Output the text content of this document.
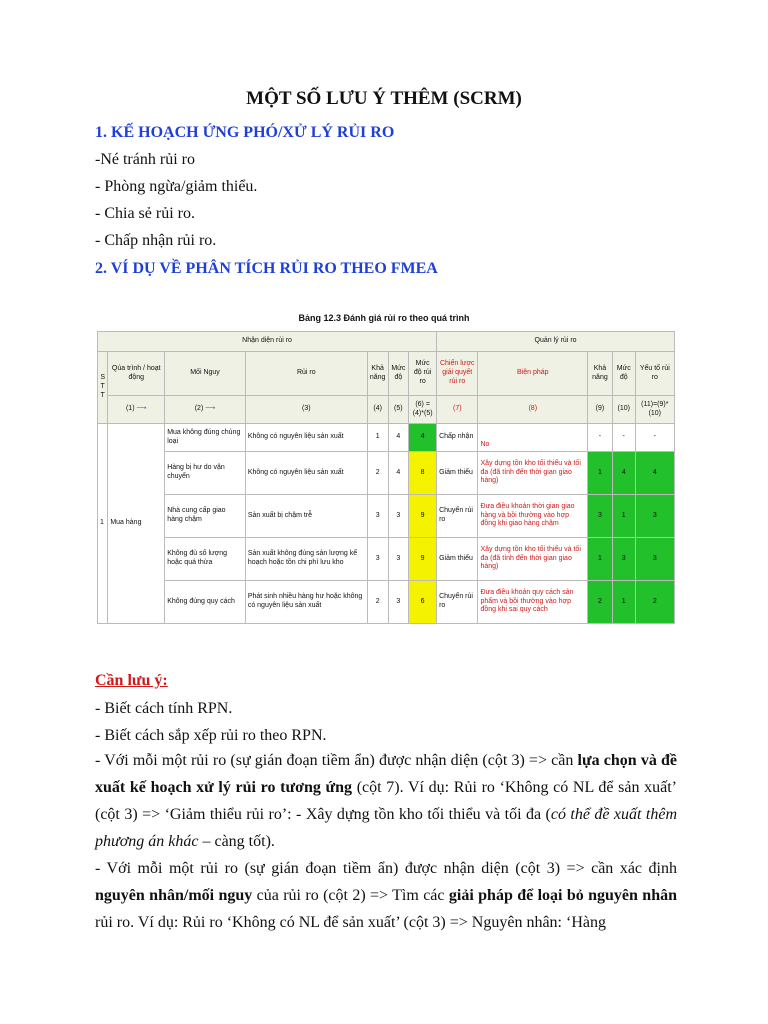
MỘT SỐ LƯU Ý THÊM (SCRM)
1. KẾ HOẠCH ỨNG PHÓ/XỬ LÝ RỦI RO
-Né tránh rủi ro
- Phòng ngừa/giảm thiểu.
- Chia sẻ rủi ro.
- Chấp nhận rủi ro.
2. VÍ DỤ VỀ PHÂN TÍCH RỦI RO THEO FMEA
Bảng 12.3 Đánh giá rủi ro theo quá trình
Nhận diện rủi ro							Quản lý rủi ro				
S T T	Qúa trình / hoạt động	Mối Nguy	Rủi ro	Khả năng	Mức độ	Mức độ rủi ro	Chiến lược giải quyết rủi ro	Biện pháp	Khả năng	Mức độ	Yếu tố rủi ro
	(1) ⟶	(2) ⟶	(3)	(4)	(5)	(6) = (4)*(5)	(7)	(8)	(9)	(10)	(11)=(9)*(10)
1	Mua hàng	Mua không đúng chủng loại	Không có nguyên liệu sản xuất	1	4	4	Chấp nhận	No	-	-	-
		Hàng bị hư do vận chuyển	Không có nguyên liệu sản xuất	2	4	8	Giảm thiểu	Xây dựng tồn kho tối thiểu và tối đa (đã tính đến thời gian giao hàng)	1	4	4
		Nhà cung cấp giao hàng chậm	Sản xuất bị chậm trễ	3	3	9	Chuyển rủi ro	Đưa điều khoản thời gian giao hàng và bồi thường vào hợp đồng khi giao hàng chậm	3	1	3
		Không đủ số lượng hoặc quá thừa	Sản xuất không đúng sản lượng kế hoạch hoặc tồn chi phí lưu kho	3	3	9	Giảm thiểu	Xây dựng tồn kho tối thiểu và tối đa (đã tính đến thời gian giao hàng)	1	3	3
		Không đúng quy cách	Phát sinh nhiều hàng hư hoặc không có nguyên liệu sản xuất	2	3	6	Chuyển rủi ro	Đưa điều khoản quy cách sản phẩm và bồi thường vào hợp đồng khi sai quy cách	2	1	2
Cần lưu ý:
- Biết cách tính RPN.
- Biết cách sắp xếp rủi ro theo RPN.
- Với mỗi một rủi ro (sự gián đoạn tiềm ẩn) được nhận diện (cột 3) => cần lựa chọn và đề xuất kế hoạch xử lý rủi ro tương ứng (cột 7). Ví dụ: Rủi ro ‘Không có NL để sản xuất’ (cột 3) => ‘Giảm thiểu rủi ro’: - Xây dựng tồn kho tối thiểu và tối đa (có thể đề xuất thêm phương án khác – càng tốt).
- Với mỗi một rủi ro (sự gián đoạn tiềm ẩn) được nhận diện (cột 3) => cần xác định nguyên nhân/mối nguy của rủi ro (cột 2) => Tìm các giải pháp để loại bỏ nguyên nhân rủi ro. Ví dụ: Rủi ro ‘Không có NL để sản xuất’ (cột 3) => Nguyên nhân: ‘Hàng
